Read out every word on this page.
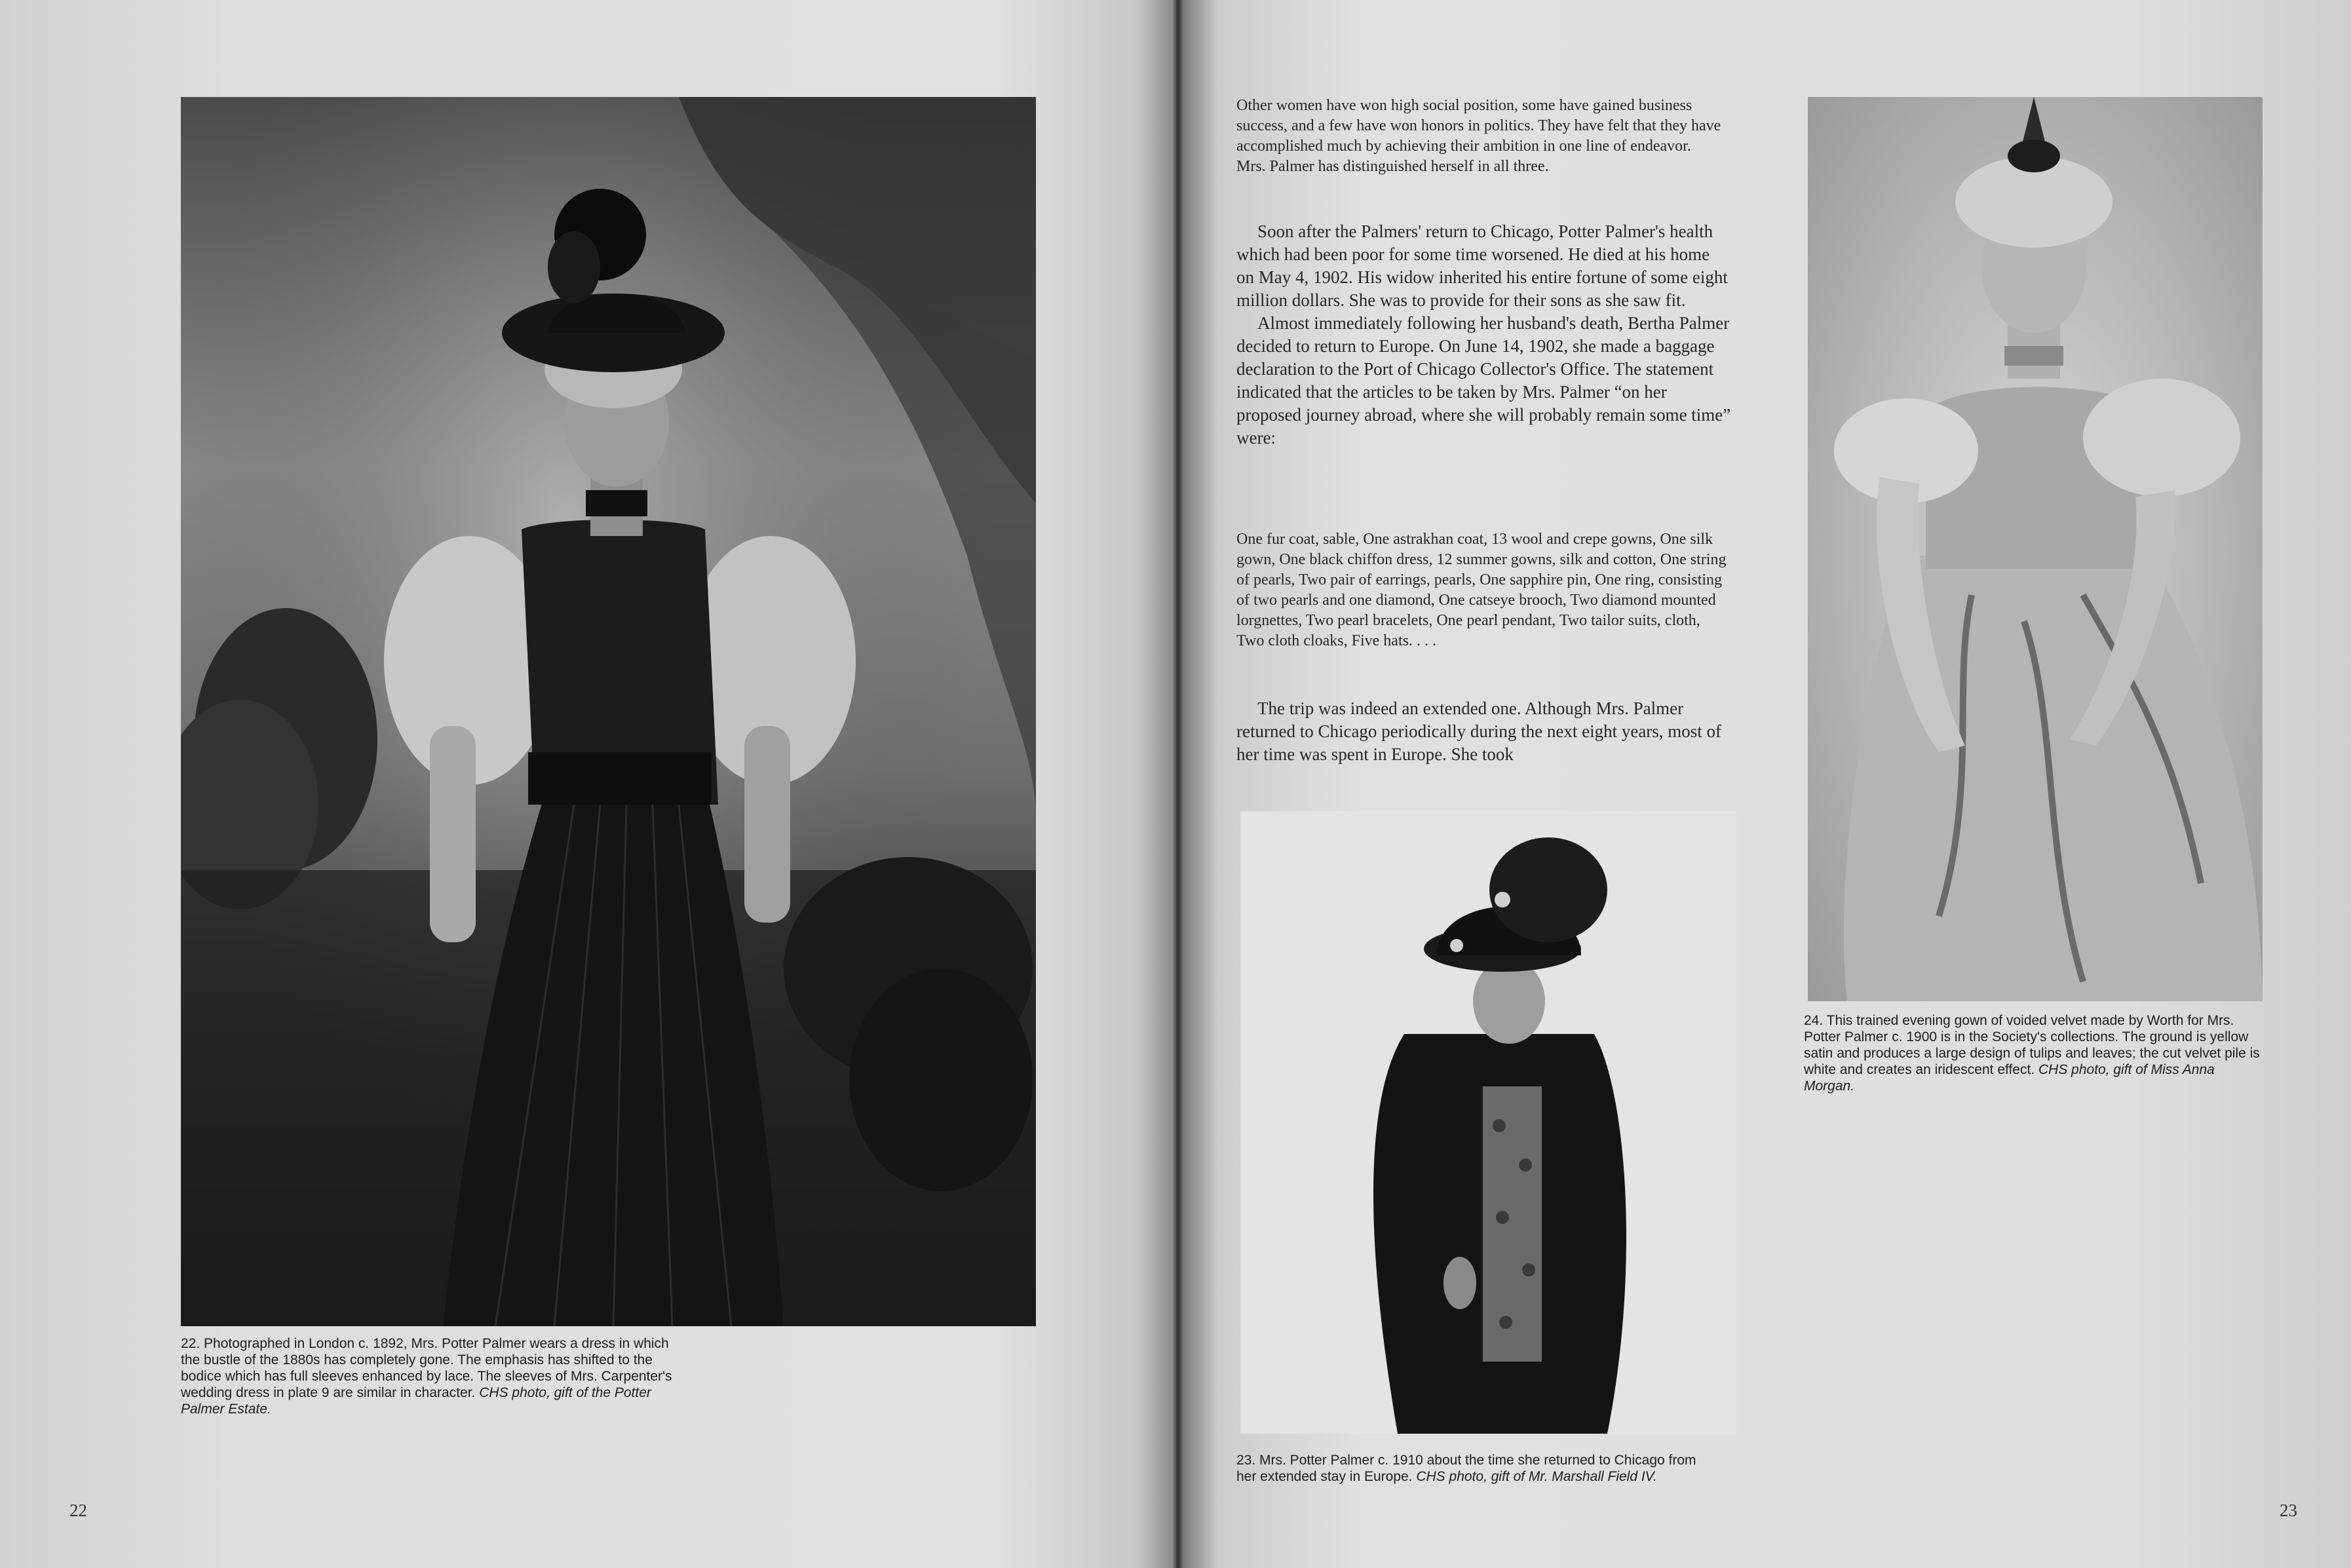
22. Photographed in London c. 1892, Mrs. Potter Palmer wears a dress in which the bustle of the 1880s has completely gone. The emphasis has shifted to the bodice which has full sleeves enhanced by lace. The sleeves of Mrs. Carpenter's wedding dress in plate 9 are similar in character. CHS photo, gift of the Potter Palmer Estate.
22

Other women have won high social position, some have gained business success, and a few have won honors in politics. They have felt that they have accomplished much by achieving their ambition in one line of endeavor. Mrs. Palmer has distinguished herself in all three.

Soon after the Palmers' return to Chicago, Potter Palmer's health which had been poor for some time worsened. He died at his home on May 4, 1902. His widow inherited his entire fortune of some eight million dollars. She was to provide for their sons as she saw fit.

Almost immediately following her husband's death, Bertha Palmer decided to return to Europe. On June 14, 1902, she made a baggage declaration to the Port of Chicago Collector's Office. The statement indicated that the articles to be taken by Mrs. Palmer “on her proposed journey abroad, where she will probably remain some time” were:

One fur coat, sable, One astrakhan coat, 13 wool and crepe gowns, One silk gown, One black chiffon dress, 12 summer gowns, silk and cotton, One string of pearls, Two pair of earrings, pearls, One sapphire pin, One ring, consisting of two pearls and one diamond, One catseye brooch, Two diamond mounted lorgnettes, Two pearl bracelets, One pearl pendant, Two tailor suits, cloth, Two cloth cloaks, Five hats. . . .

The trip was indeed an extended one. Although Mrs. Palmer returned to Chicago periodically during the next eight years, most of her time was spent in Europe. She took

23. Mrs. Potter Palmer c. 1910 about the time she returned to Chicago from her extended stay in Europe. CHS photo, gift of Mr. Marshall Field IV.
24. This trained evening gown of voided velvet made by Worth for Mrs. Potter Palmer c. 1900 is in the Society's collections. The ground is yellow satin and produces a large design of tulips and leaves; the cut velvet pile is white and creates an iridescent effect. CHS photo, gift of Miss Anna Morgan.
23
